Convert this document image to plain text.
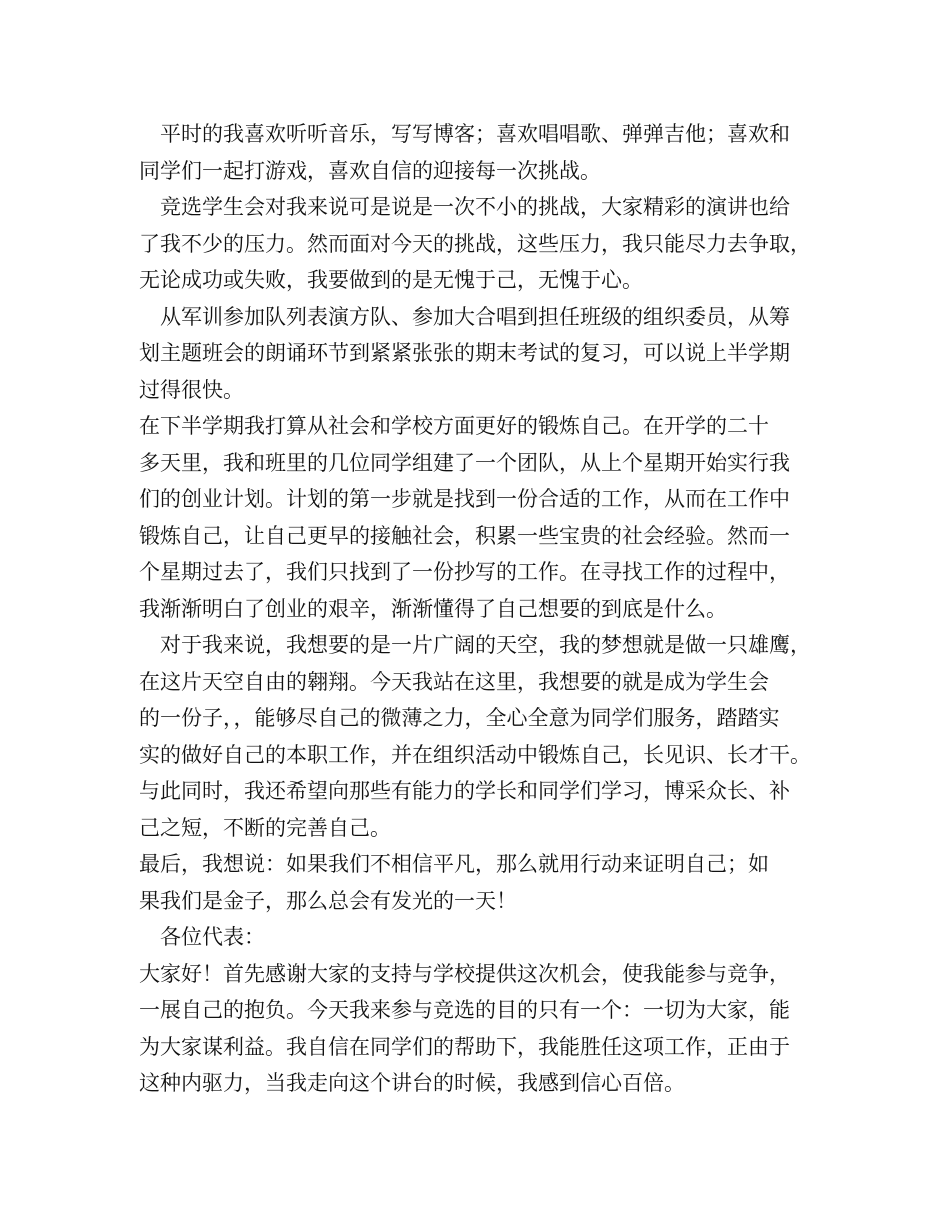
　平时的我喜欢听听音乐，写写博客；喜欢唱唱歌、弹弹吉他；喜欢和
同学们一起打游戏，喜欢自信的迎接每一次挑战。
　竞选学生会对我来说可是说是一次不小的挑战，大家精彩的演讲也给
了我不少的压力。然而面对今天的挑战，这些压力，我只能尽力去争取，
无论成功或失败，我要做到的是无愧于己，无愧于心。
　从军训参加队列表演方队、参加大合唱到担任班级的组织委员，从筹
划主题班会的朗诵环节到紧紧张张的期末考试的复习，可以说上半学期
过得很快。
在下半学期我打算从社会和学校方面更好的锻炼自己。在开学的二十
多天里，我和班里的几位同学组建了一个团队，从上个星期开始实行我
们的创业计划。计划的第一步就是找到一份合适的工作，从而在工作中
锻炼自己，让自己更早的接触社会，积累一些宝贵的社会经验。然而一
个星期过去了，我们只找到了一份抄写的工作。在寻找工作的过程中，
我渐渐明白了创业的艰辛，渐渐懂得了自己想要的到底是什么。
　对于我来说，我想要的是一片广阔的天空，我的梦想就是做一只雄鹰，
在这片天空自由的翱翔。今天我站在这里，我想要的就是成为学生会
的一份子，，能够尽自己的微薄之力，全心全意为同学们服务，踏踏实
实的做好自己的本职工作，并在组织活动中锻炼自己，长见识、长才干。
与此同时，我还希望向那些有能力的学长和同学们学习，博采众长、补
己之短，不断的完善自己。
最后，我想说：如果我们不相信平凡，那么就用行动来证明自己；如
果我们是金子，那么总会有发光的一天！
　各位代表：
大家好！首先感谢大家的支持与学校提供这次机会，使我能参与竞争，
一展自己的抱负。今天我来参与竞选的目的只有一个：一切为大家，能
为大家谋利益。我自信在同学们的帮助下，我能胜任这项工作，正由于
这种内驱力，当我走向这个讲台的时候，我感到信心百倍。
